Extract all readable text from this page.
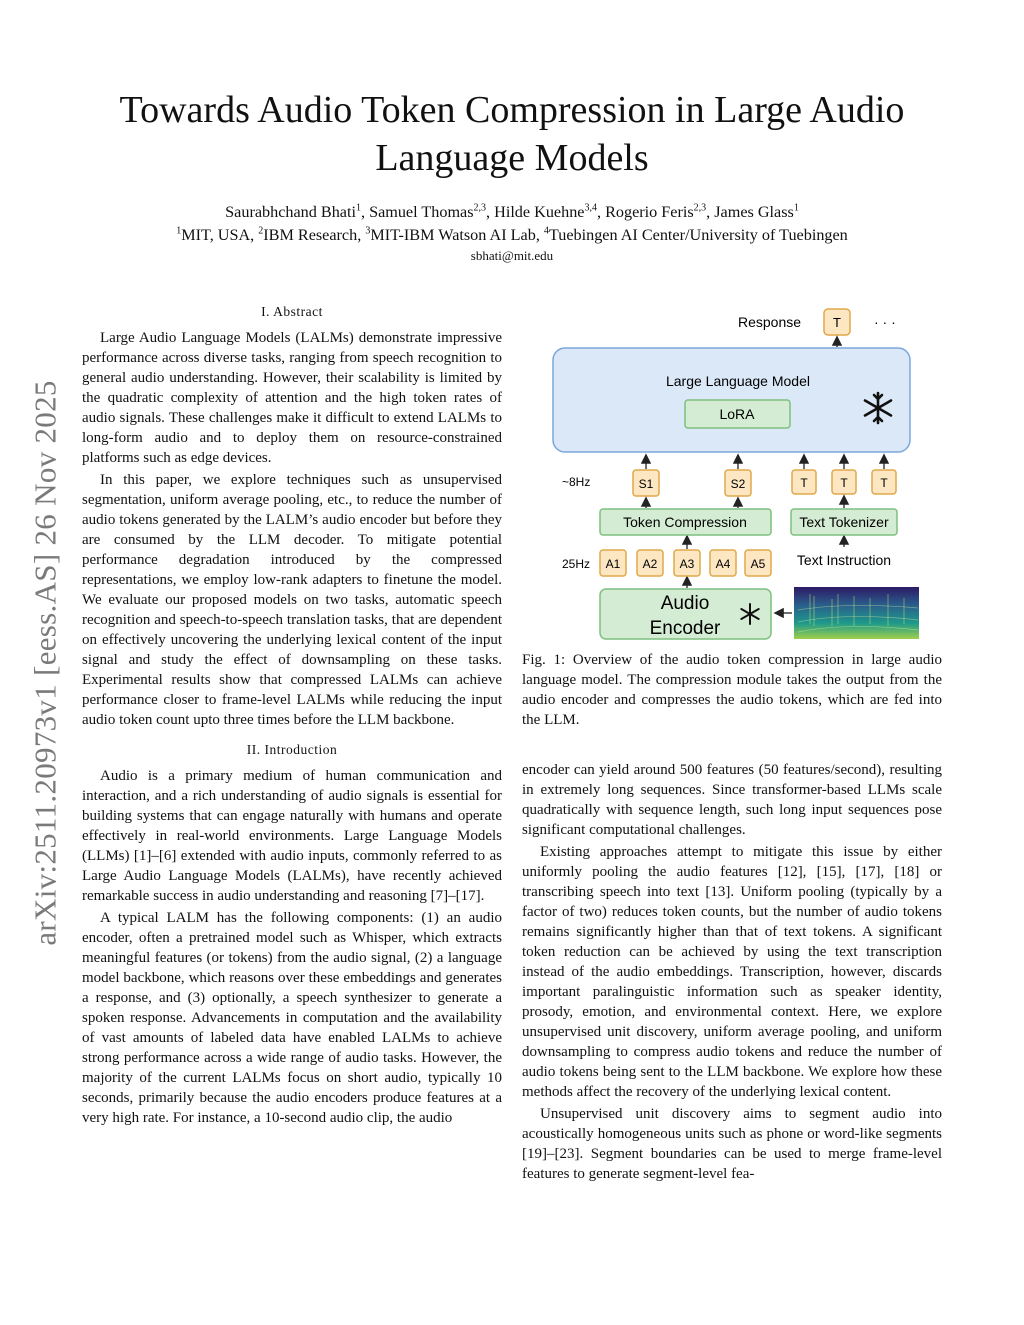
arXiv:2511.20973v1 [eess.AS] 26 Nov 2025
Towards Audio Token Compression in Large Audio Language Models
Saurabhchand Bhati$^1$, Samuel Thomas$^{2,3}$, Hilde Kuehne$^{3,4}$, Rogerio Feris$^{2,3}$, James Glass$^1$
$^1$MIT, USA, $^2$IBM Research, $^3$MIT-IBM Watson AI Lab, $^4$Tuebingen AI Center/University of Tuebingen
sbhati@mit.edu
I. Abstract

Large Audio Language Models (LALMs) demonstrate impressive performance across diverse tasks, ranging from speech recognition to general audio understanding. However, their scalability is limited by the quadratic complexity of attention and the high token rates of audio signals. These challenges make it difficult to extend LALMs to long-form audio and to deploy them on resource-constrained platforms such as edge devices.

In this paper, we explore techniques such as unsupervised segmentation, uniform average pooling, etc., to reduce the number of audio tokens generated by the LALM’s audio encoder but before they are consumed by the LLM decoder. To mitigate potential performance degradation introduced by the compressed representations, we employ low-rank adapters to finetune the model. We evaluate our proposed models on two tasks, automatic speech recognition and speech-to-speech translation tasks, that are dependent on effectively uncovering the underlying lexical content of the input signal and study the effect of downsampling on these tasks. Experimental results show that compressed LALMs can achieve performance closer to frame-level LALMs while reducing the input audio token count upto three times before the LLM backbone.

II. Introduction

Audio is a primary medium of human communication and interaction, and a rich understanding of audio signals is essential for building systems that can engage naturally with humans and operate effectively in real-world environments. Large Language Models (LLMs) [1]–[6] extended with audio inputs, commonly referred to as Large Audio Language Models (LALMs), have recently achieved remarkable success in audio understanding and reasoning [7]–[17].

A typical LALM has the following components: (1) an audio encoder, often a pretrained model such as Whisper, which extracts meaningful features (or tokens) from the audio signal, (2) a language model backbone, which reasons over these embeddings and generates a response, and (3) optionally, a speech synthesizer to generate a spoken response. Advancements in computation and the availability of vast amounts of labeled data have enabled LALMs to achieve strong performance across a wide range of audio tasks. However, the majority of the current LALMs focus on short audio, typically 10 seconds, primarily because the audio encoders produce features at a very high rate. For instance, a 10-second audio clip, the audio

Response T · · ·
Large Language Model
LoRA
~8Hz	S1	S2	T	T	T
Token Compression	Text Tokenizer
Text Instruction
25Hz A1 A2 A3 A4 A5
Audio
Encoder

Fig. 1: Overview of the audio token compression in large audio language model. The compression module takes the output from the audio encoder and compresses the audio tokens, which are fed into the LLM.

encoder can yield around 500 features (50 features/second), resulting in extremely long sequences. Since transformer-based LLMs scale quadratically with sequence length, such long input sequences pose significant computational challenges.

Existing approaches attempt to mitigate this issue by either uniformly pooling the audio features [12], [15], [17], [18] or transcribing speech into text [13]. Uniform pooling (typically by a factor of two) reduces token counts, but the number of audio tokens remains significantly higher than that of text tokens. A significant token reduction can be achieved by using the text transcription instead of the audio embeddings. Transcription, however, discards important paralinguistic information such as speaker identity, prosody, emotion, and environmental context. Here, we explore unsupervised unit discovery, uniform average pooling, and uniform downsampling to compress audio tokens and reduce the number of audio tokens being sent to the LLM backbone. We explore how these methods affect the recovery of the underlying lexical content.

Unsupervised unit discovery aims to segment audio into acoustically homogeneous units such as phone or word-like segments [19]–[23]. Segment boundaries can be used to merge frame-level features to generate segment-level fea-
